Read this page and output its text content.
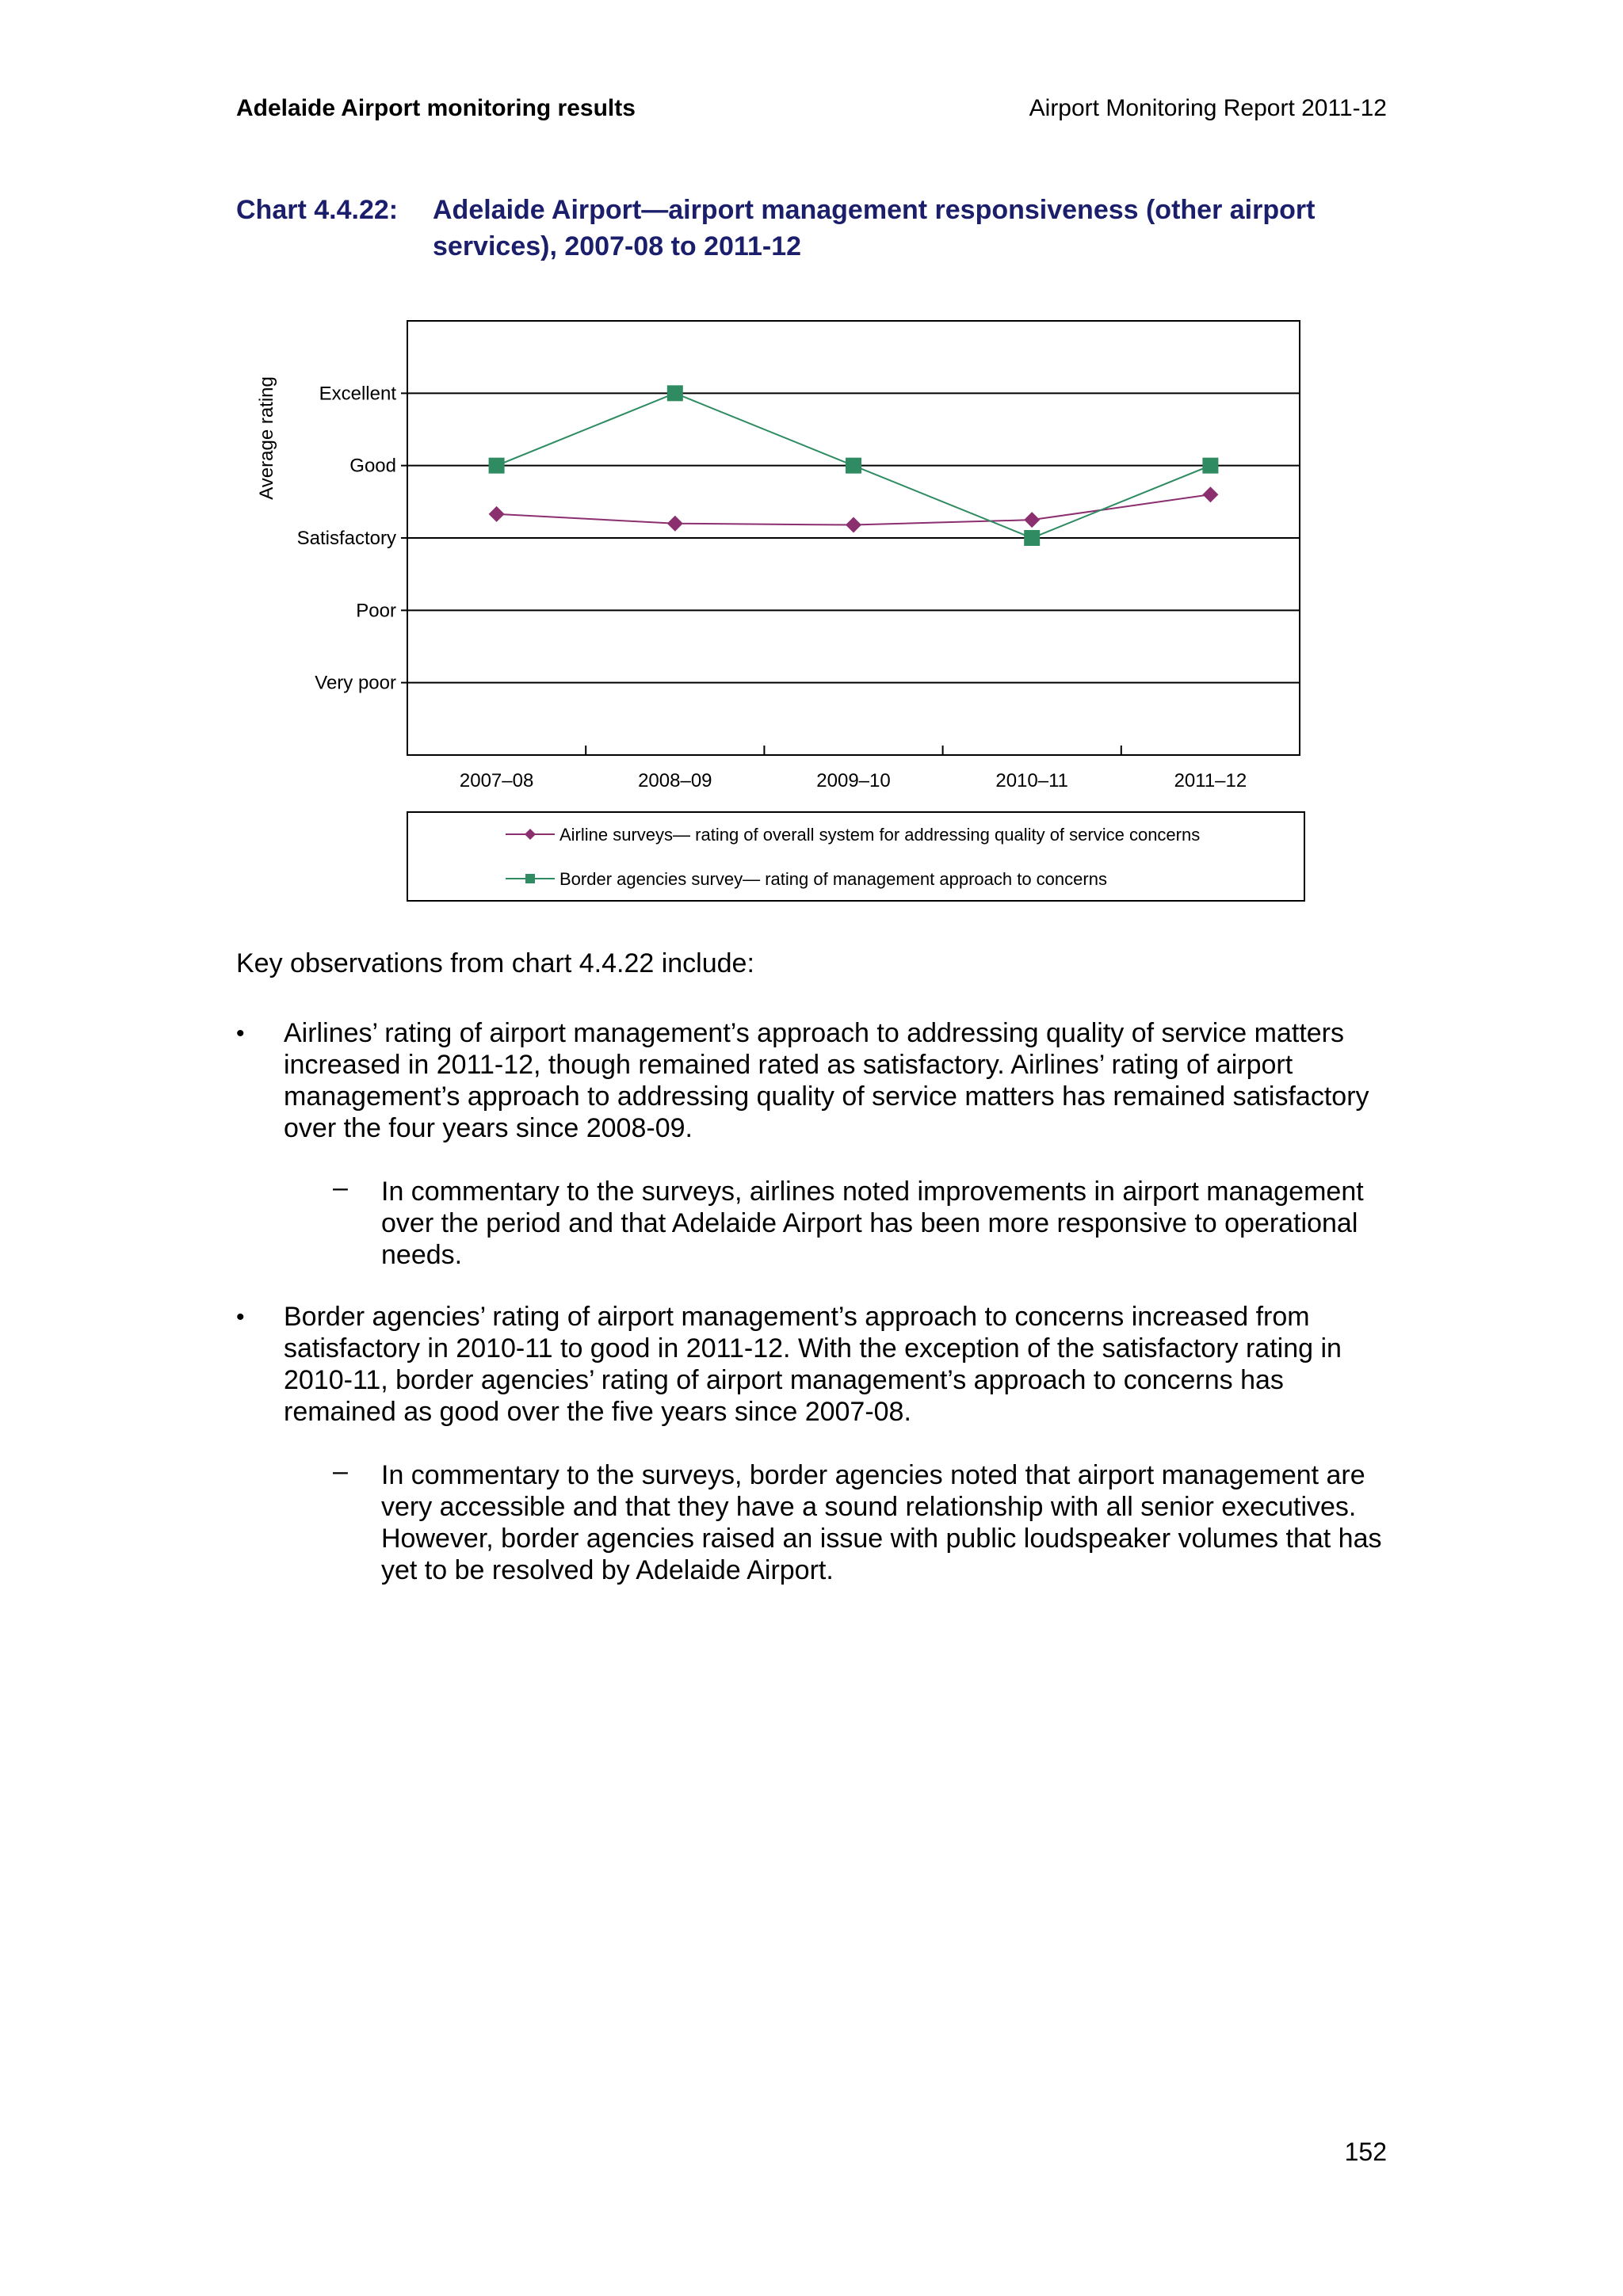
Adelaide Airport monitoring results	Airport Monitoring Report 2011-12
Chart 4.4.22: Adelaide Airport—airport management responsiveness (other airport services), 2007-08 to 2011-12
Very poor
Poor
Satisfactory
Good
Excellent
Average rating
2007–08	2008–09	2009–10	2010–11	2011–12
Airline surveys— rating of overall system for addressing quality of service concerns
Border agencies survey— rating of management approach to concerns
Key observations from chart 4.4.22 include:
• Airlines’ rating of airport management’s approach to addressing quality of service matters increased in 2011-12, though remained rated as satisfactory. Airlines’ rating of airport management’s approach to addressing quality of service matters has remained satisfactory over the four years since 2008-09.
– In commentary to the surveys, airlines noted improvements in airport management over the period and that Adelaide Airport has been more responsive to operational needs.
• Border agencies’ rating of airport management’s approach to concerns increased from satisfactory in 2010-11 to good in 2011-12. With the exception of the satisfactory rating in 2010-11, border agencies’ rating of airport management’s approach to concerns has remained as good over the five years since 2007-08.
– In commentary to the surveys, border agencies noted that airport management are very accessible and that they have a sound relationship with all senior executives. However, border agencies raised an issue with public loudspeaker volumes that has yet to be resolved by Adelaide Airport.
152
